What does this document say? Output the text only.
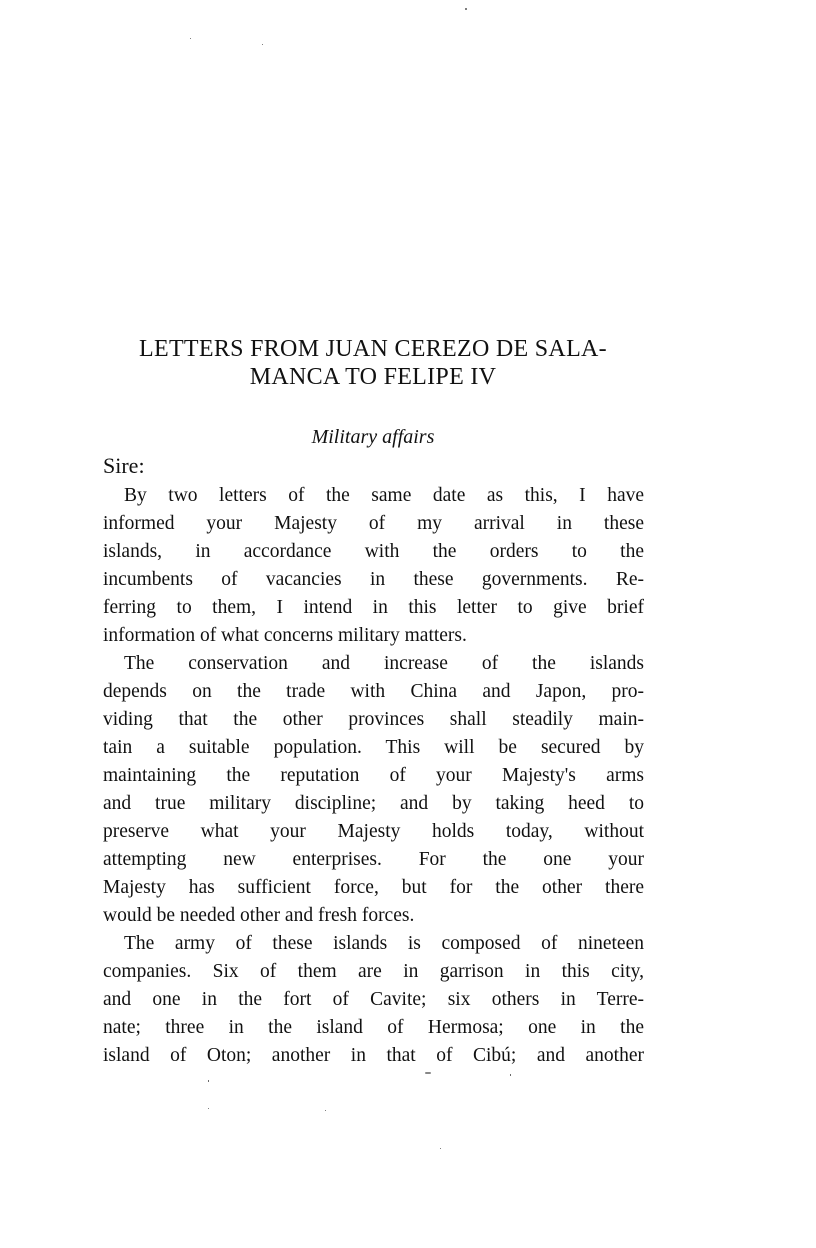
LETTERS FROM JUAN CEREZO DE SALA-
MANCA TO FELIPE IV

Military affairs

Sire:

By two letters of the same date as this, I have

informed your Majesty of my arrival in these

islands, in accordance with the orders to the

incumbents of vacancies in these governments. Re-

ferring to them, I intend in this letter to give brief

information of what concerns military matters.

The conservation and increase of the islands

depends on the trade with China and Japon, pro-

viding that the other provinces shall steadily main-

tain a suitable population. This will be secured by

maintaining the reputation of your Majesty's arms

and true military discipline; and by taking heed to

preserve what your Majesty holds today, without

attempting new enterprises. For the one your

Majesty has sufficient force, but for the other there

would be needed other and fresh forces.

The army of these islands is composed of nineteen

companies. Six of them are in garrison in this city,

and one in the fort of Cavite; six others in Terre-

nate; three in the island of Hermosa; one in the

island of Oton; another in that of Cibú; and another
